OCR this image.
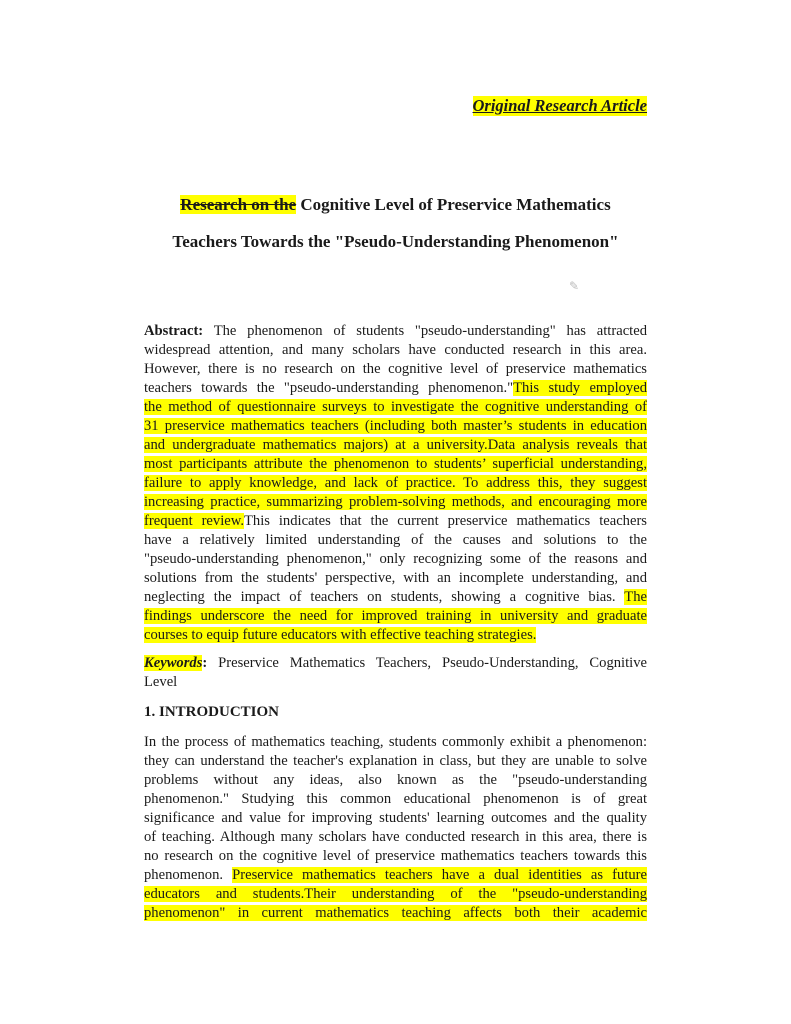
Original Research Article
Research on the Cognitive Level of Preservice Mathematics
Teachers Towards the "Pseudo-Understanding Phenomenon"
✎
Abstract: The phenomenon of students "pseudo-understanding" has attracted
widespread attention, and many scholars have conducted research in this area.
However, there is no research on the cognitive level of preservice mathematics
teachers towards the "pseudo-understanding phenomenon."This study employed
the method of questionnaire surveys to investigate the cognitive understanding of
31 preservice mathematics teachers (including both master’s students in education
and undergraduate mathematics majors) at a university.Data analysis reveals that
most participants attribute the phenomenon to students’ superficial understanding,
failure to apply knowledge, and lack of practice. To address this, they suggest
increasing practice, summarizing problem-solving methods, and encouraging more
frequent review.This indicates that the current preservice mathematics teachers
have a relatively limited understanding of the causes and solutions to the
"pseudo-understanding phenomenon," only recognizing some of the reasons and
solutions from the students' perspective, with an incomplete understanding, and
neglecting the impact of teachers on students, showing a cognitive bias. The
findings underscore the need for improved training in university and graduate
courses to equip future educators with effective teaching strategies.
Keywords: Preservice Mathematics Teachers, Pseudo-Understanding, Cognitive
Level
1. INTRODUCTION
In the process of mathematics teaching, students commonly exhibit a phenomenon:
they can understand the teacher's explanation in class, but they are unable to solve
problems without any ideas, also known as the "pseudo-understanding
phenomenon." Studying this common educational phenomenon is of great
significance and value for improving students' learning outcomes and the quality
of teaching. Although many scholars have conducted research in this area, there is
no research on the cognitive level of preservice mathematics teachers towards this
phenomenon. Preservice mathematics teachers have a dual identities as future
educators and students.Their understanding of the "pseudo-understanding
phenomenon" in current mathematics teaching affects both their academic
